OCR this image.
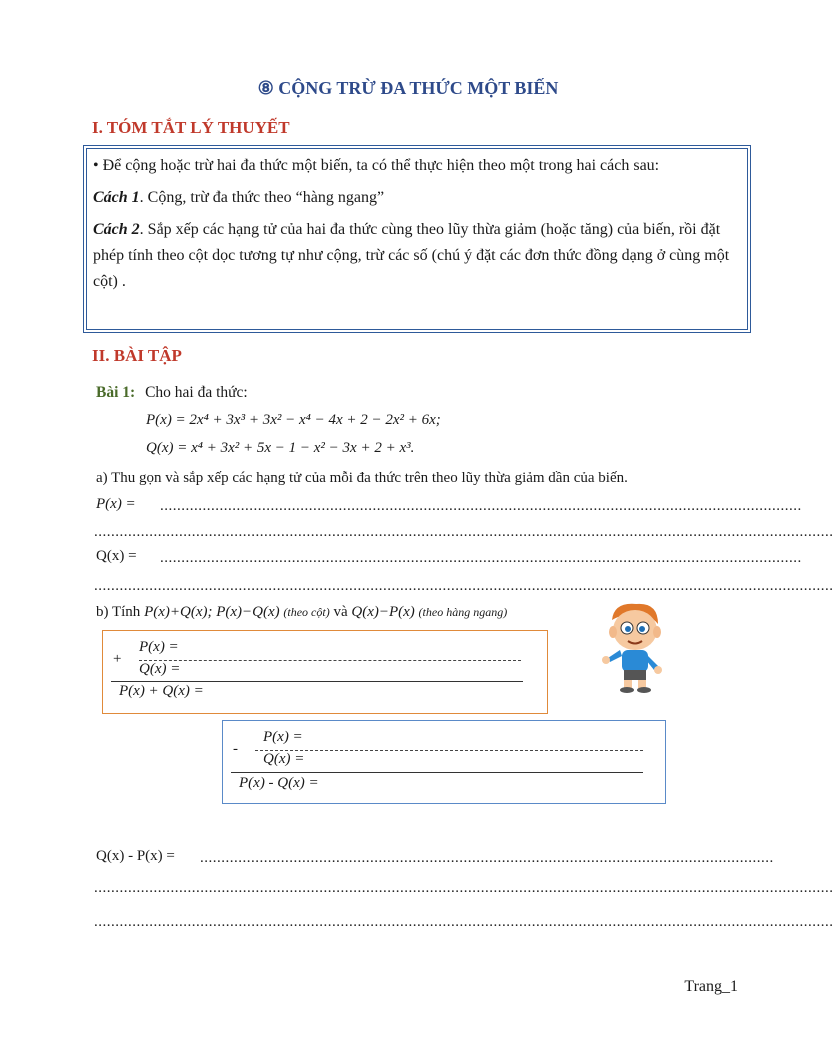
⑧ CỘNG TRỪ ĐA THỨC MỘT BIẾN
I. TÓM TẮT LÝ THUYẾT

• Để cộng hoặc trừ hai đa thức một biến, ta có thể thực hiện theo một trong hai cách sau:

Cách 1. Cộng, trừ đa thức theo “hàng ngang”

Cách 2. Sắp xếp các hạng tử của hai đa thức cùng theo lũy thừa giảm (hoặc tăng) của biến, rồi đặt phép tính theo cột dọc tương tự như cộng, trừ các số (chú ý đặt các đơn thức đồng dạng ở cùng một cột) .

II. BÀI TẬP
Bài 1: Cho hai đa thức:
P(x) = 2x⁴ + 3x³ + 3x² − x⁴ − 4x + 2 − 2x² + 6x;
Q(x) = x⁴ + 3x² + 5x − 1 − x² − 3x + 2 + x³.
a) Thu gọn và sắp xếp các hạng tử của mỗi đa thức trên theo lũy thừa giảm dần của biến.
P(x) = .......................................................................................................................................................
..............................................................................................................................................................................
Q(x) = .......................................................................................................................................................
..............................................................................................................................................................................
b) Tính P(x)+Q(x); P(x)−Q(x) (theo cột) và Q(x)−P(x) (theo hàng ngang)
+
P(x) =
Q(x) =
P(x) + Q(x) =
-
P(x) =
Q(x) =
P(x) - Q(x) =
Q(x) - P(x) = .......................................................................................................................................
..............................................................................................................................................................................
..............................................................................................................................................................................
Trang_1
